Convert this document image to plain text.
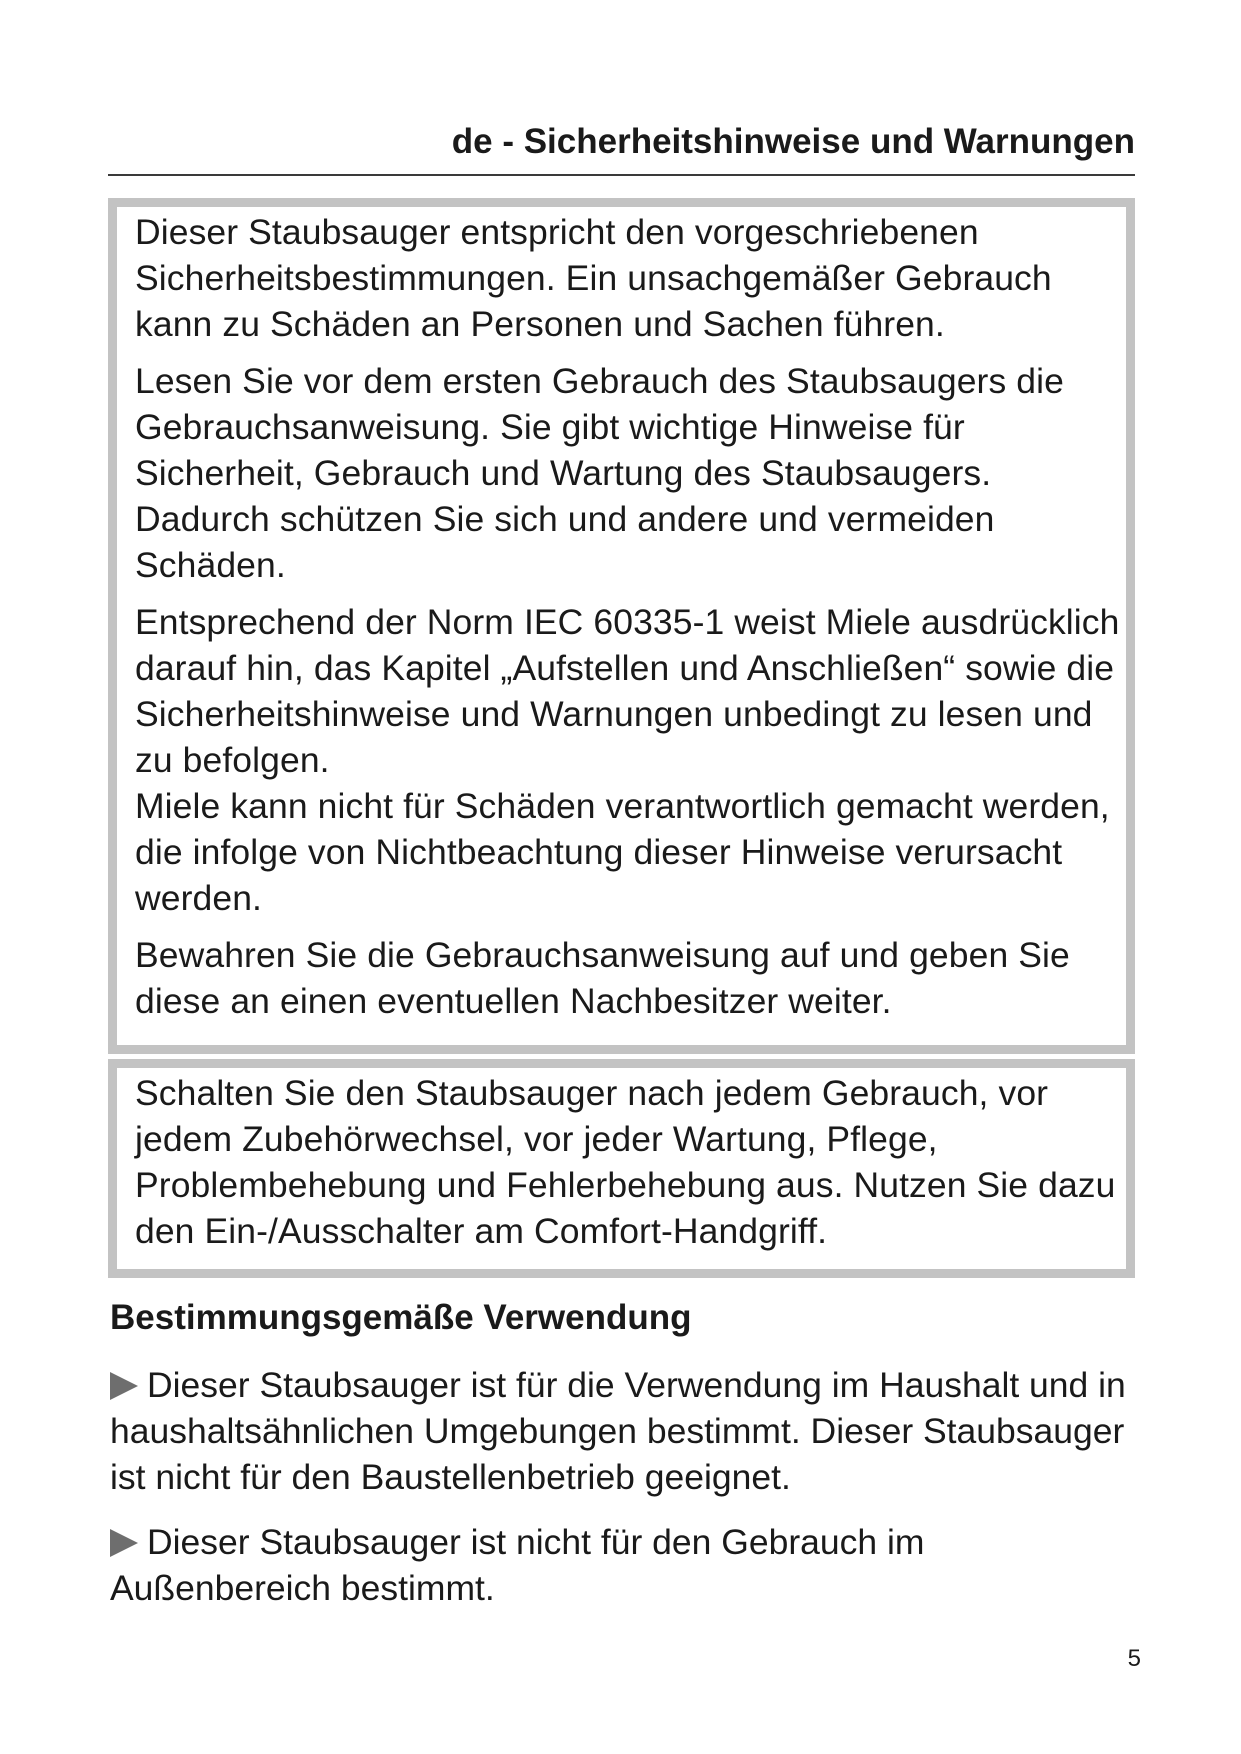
de - Sicherheitshinweise und Warnungen

Dieser Staubsauger entspricht den vorgeschriebenen Sicherheitsbestimmungen. Ein unsachgemäßer Gebrauch kann zu Schäden an Personen und Sachen führen.

Lesen Sie vor dem ersten Gebrauch des Staubsaugers die Gebrauchsanweisung. Sie gibt wichtige Hinweise für Sicherheit, Gebrauch und Wartung des Staubsaugers. Dadurch schützen Sie sich und andere und vermeiden Schäden.

Entsprechend der Norm IEC 60335-1 weist Miele ausdrücklich darauf hin, das Kapitel „Aufstellen und Anschließen“ sowie die Sicherheitshinweise und Warnungen unbedingt zu lesen und zu befolgen.

Miele kann nicht für Schäden verantwortlich gemacht werden, die infolge von Nichtbeachtung dieser Hinweise verursacht werden.

Bewahren Sie die Gebrauchsanweisung auf und geben Sie diese an einen eventuellen Nachbesitzer weiter.

Schalten Sie den Staubsauger nach jedem Gebrauch, vor jedem Zubehörwechsel, vor jeder Wartung, Pflege, Problembehebung und Fehlerbehebung aus. Nutzen Sie dazu den Ein-/Ausschalter am Comfort-Handgriff.

Bestimmungsgemäße Verwendung

Dieser Staubsauger ist für die Verwendung im Haushalt und in haushaltsähnlichen Umgebungen bestimmt. Dieser Staubsauger ist nicht für den Baustellenbetrieb geeignet.

Dieser Staubsauger ist nicht für den Gebrauch im Außenbereich bestimmt.

5
